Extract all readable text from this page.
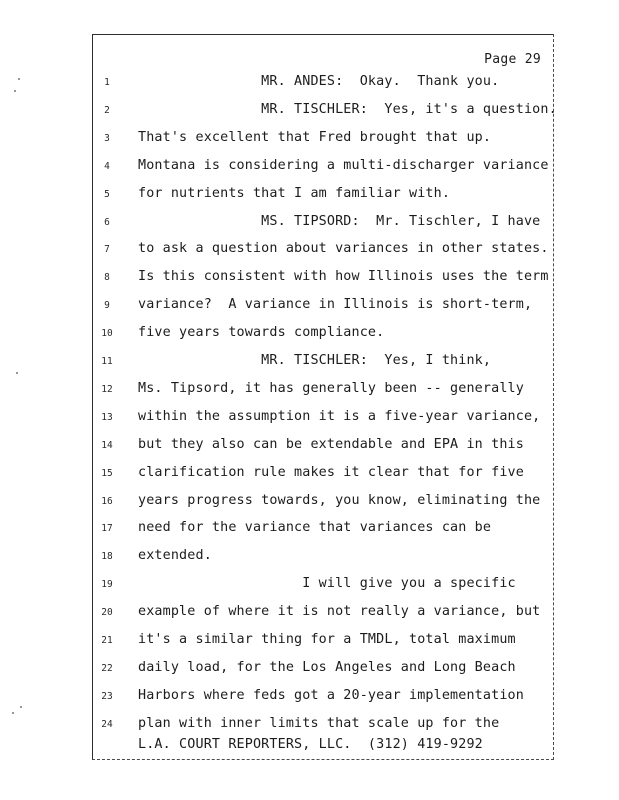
Page 29
1	MR. ANDES:  Okay.  Thank you.
2	MR. TISCHLER:  Yes, it's a question.
3	That's excellent that Fred brought that up.
4	Montana is considering a multi-discharger variance
5	for nutrients that I am familiar with.
6	MS. TIPSORD:  Mr. Tischler, I have
7	to ask a question about variances in other states.
8	Is this consistent with how Illinois uses the term
9	variance?  A variance in Illinois is short-term,
10	five years towards compliance.
11	MR. TISCHLER:  Yes, I think,
12	Ms. Tipsord, it has generally been -- generally
13	within the assumption it is a five-year variance,
14	but they also can be extendable and EPA in this
15	clarification rule makes it clear that for five
16	years progress towards, you know, eliminating the
17	need for the variance that variances can be
18	extended.
19	I will give you a specific
20	example of where it is not really a variance, but
21	it's a similar thing for a TMDL, total maximum
22	daily load, for the Los Angeles and Long Beach
23	Harbors where feds got a 20-year implementation
24	plan with inner limits that scale up for the
L.A. COURT REPORTERS, LLC.  (312) 419-9292
